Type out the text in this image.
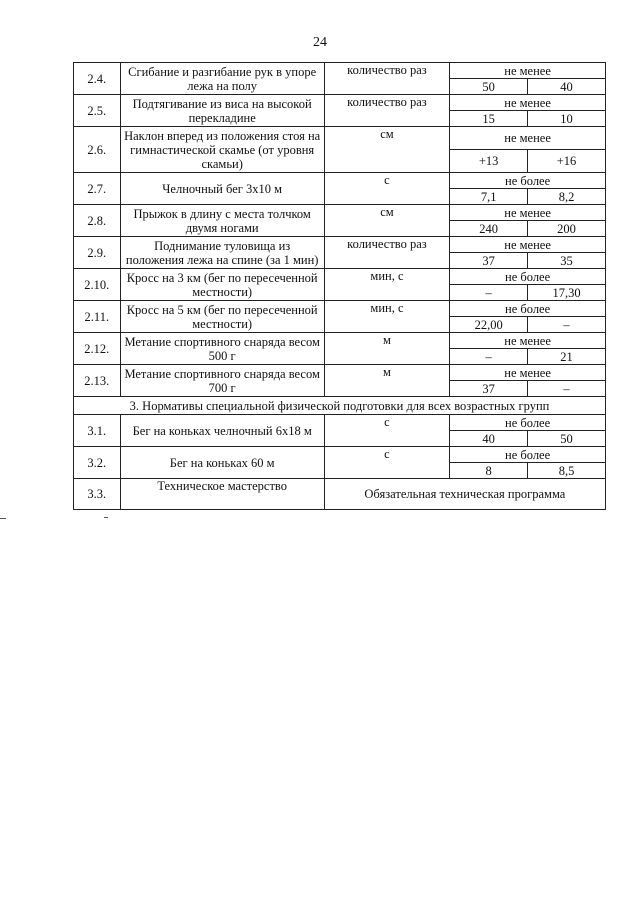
24
2.4.	Сгибание и разгибание рук в упоре лежа на полу	количество раз	не менее	
			50	40
2.5.	Подтягивание из виса на высокой перекладине	количество раз	не менее	
			15	10
2.6.	Наклон вперед из положения стоя на гимнастической скамье (от уровня скамьи)	см	не менее	
			+13	+16
2.7.	Челночный бег 3х10 м	с	не более	
			7,1	8,2
2.8.	Прыжок в длину с места толчком двумя ногами	см	не менее	
			240	200
2.9.	Поднимание туловища из положения лежа на спине (за 1 мин)	количество раз	не менее	
			37	35
2.10.	Кросс на 3 км (бег по пересеченной местности)	мин, с	не более	
			–	17,30
2.11.	Кросс на 5 км (бег по пересеченной местности)	мин, с	не более	
			22,00	–
2.12.	Метание спортивного снаряда весом 500 г	м	не менее	
			–	21
2.13.	Метание спортивного снаряда весом 700 г	м	не менее	
			37	–
3. Нормативы специальной физической подготовки для всех возрастных групп				
3.1.	Бег на коньках челночный 6х18 м	с	не более	
			40	50
3.2.	Бег на коньках 60 м	с	не более	
			8	8,5
3.3.	Техническое мастерство	Обязательная техническая программа		
